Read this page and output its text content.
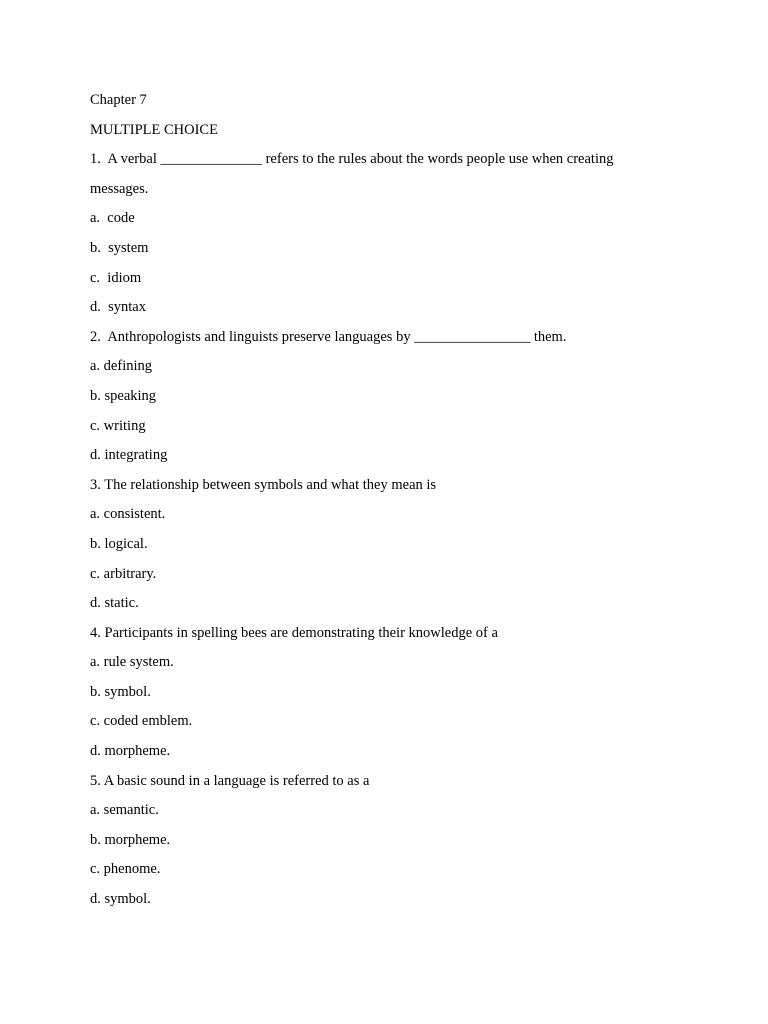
Chapter 7
MULTIPLE CHOICE
1.  A verbal ______________ refers to the rules about the words people use when creating
messages.
a.  code
b.  system
c.  idiom
d.  syntax
2.  Anthropologists and linguists preserve languages by ________________ them.
a. defining
b. speaking
c. writing
d. integrating
3. The relationship between symbols and what they mean is
a. consistent.
b. logical.
c. arbitrary.
d. static.
4. Participants in spelling bees are demonstrating their knowledge of a
a. rule system.
b. symbol.
c. coded emblem.
d. morpheme.
5. A basic sound in a language is referred to as a
a. semantic.
b. morpheme.
c. phenome.
d. symbol.
